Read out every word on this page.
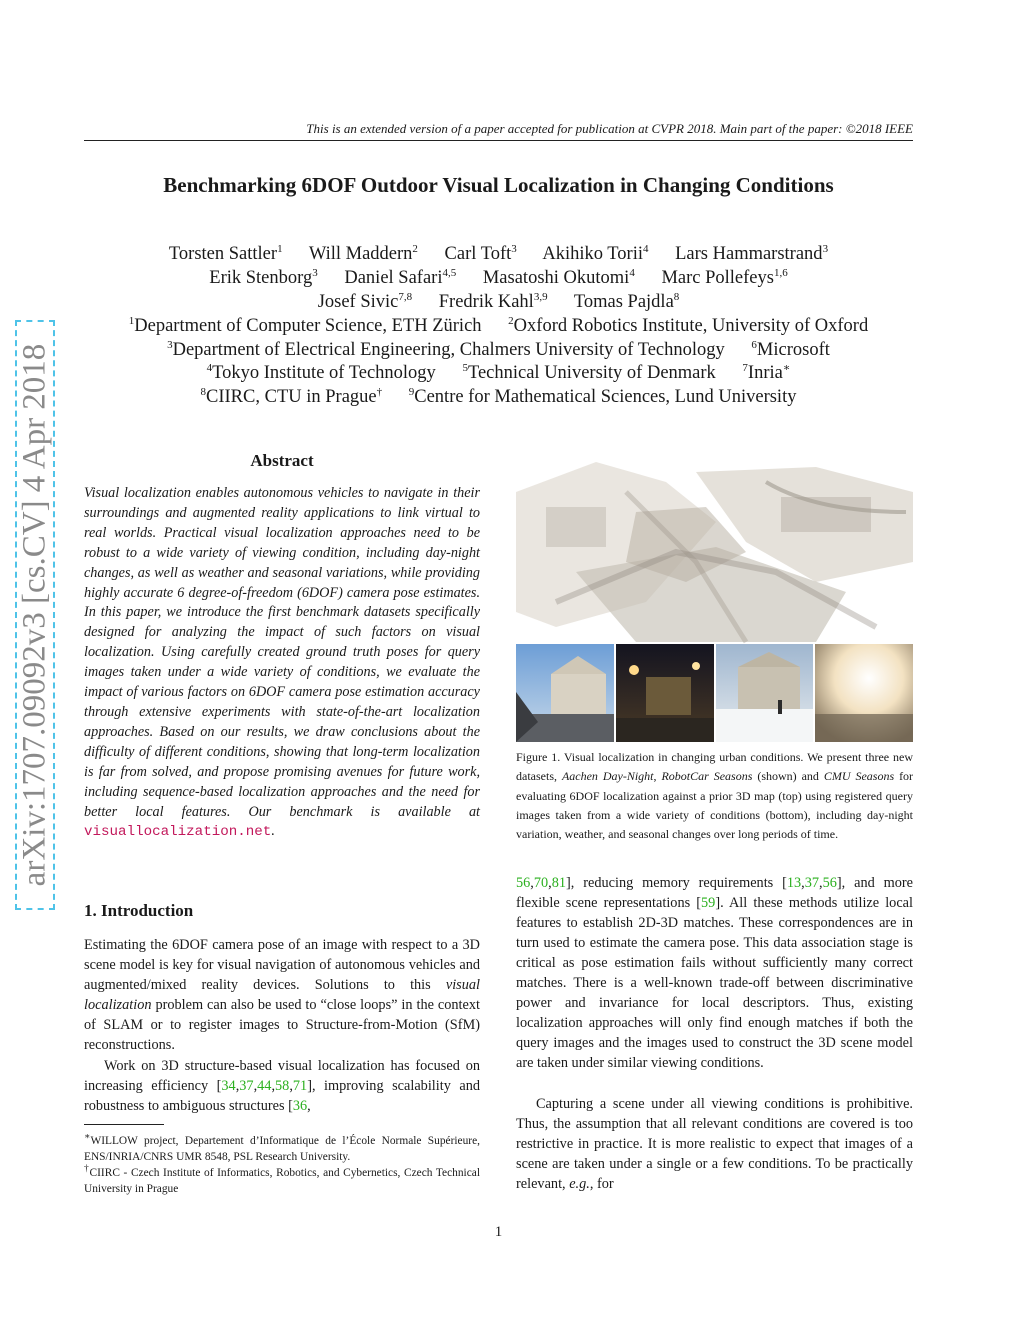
This is an extended version of a paper accepted for publication at CVPR 2018. Main part of the paper: ©2018 IEEE
Benchmarking 6DOF Outdoor Visual Localization in Changing Conditions
Torsten Sattler$^1$ Will Maddern$^2$ Carl Toft$^3$ Akihiko Torii$^4$ Lars Hammarstrand$^3$
Erik Stenborg$^3$ Daniel Safari$^{4,5}$ Masatoshi Okutomi$^4$ Marc Pollefeys$^{1,6}$
Josef Sivic$^{7,8}$ Fredrik Kahl$^{3,9}$ Tomas Pajdla$^8$
$^1$Department of Computer Science, ETH Zürich $^2$Oxford Robotics Institute, University of Oxford
$^3$Department of Electrical Engineering, Chalmers University of Technology $^6$Microsoft
$^4$Tokyo Institute of Technology $^5$Technical University of Denmark $^7$Inria∗
$^8$CIIRC, CTU in Prague† $^9$Centre for Mathematical Sciences, Lund University
arXiv:1707.09092v3 [cs.CV] 4 Apr 2018	Abstract
Visual localization enables autonomous vehicles to navigate in their surroundings and augmented reality applications to link virtual to real worlds. Practical visual localization approaches need to be robust to a wide variety of viewing condition, including day-night changes, as well as weather and seasonal variations, while providing highly accurate 6 degree-of-freedom (6DOF) camera pose estimates. In this paper, we introduce the first benchmark datasets specifically designed for analyzing the impact of such factors on visual localization. Using carefully created ground truth poses for query images taken under a wide variety of conditions, we evaluate the impact of various factors on 6DOF camera pose estimation accuracy through extensive experiments with state-of-the-art localization approaches. Based on our results, we draw conclusions about the difficulty of different conditions, showing that long-term localization is far from solved, and propose promising avenues for future work, including sequence-based localization approaches and the need for better local features. Our benchmark is available at visuallocalization.net.
1. Introduction
Estimating the 6DOF camera pose of an image with respect to a 3D scene model is key for visual navigation of autonomous vehicles and augmented/mixed reality devices. Solutions to this visual localization problem can also be used to “close loops” in the context of SLAM or to register images to Structure-from-Motion (SfM) reconstructions.
Work on 3D structure-based visual localization has focused on increasing efficiency [34,37,44,58,71], improving scalability and robustness to ambiguous structures [36,
∗WILLOW project, Departement d’Informatique de l’École Normale Supérieure, ENS/INRIA/CNRS UMR 8548, PSL Research University.
†CIIRC - Czech Institute of Informatics, Robotics, and Cybernetics, Czech Technical University in Prague
Figure 1. Visual localization in changing urban conditions. We present three new datasets, Aachen Day-Night, RobotCar Seasons (shown) and CMU Seasons for evaluating 6DOF localization against a prior 3D map (top) using registered query images taken from a wide variety of conditions (bottom), including day-night variation, weather, and seasonal changes over long periods of time.
56,70,81], reducing memory requirements [13,37,56], and more flexible scene representations [59]. All these methods utilize local features to establish 2D-3D matches. These correspondences are in turn used to estimate the camera pose. This data association stage is critical as pose estimation fails without sufficiently many correct matches. There is a well-known trade-off between discriminative power and invariance for local descriptors. Thus, existing localization approaches will only find enough matches if both the query images and the images used to construct the 3D scene model are taken under similar viewing conditions.
Capturing a scene under all viewing conditions is prohibitive. Thus, the assumption that all relevant conditions are covered is too restrictive in practice. It is more realistic to expect that images of a scene are taken under a single or a few conditions. To be practically relevant, e.g., for
1
